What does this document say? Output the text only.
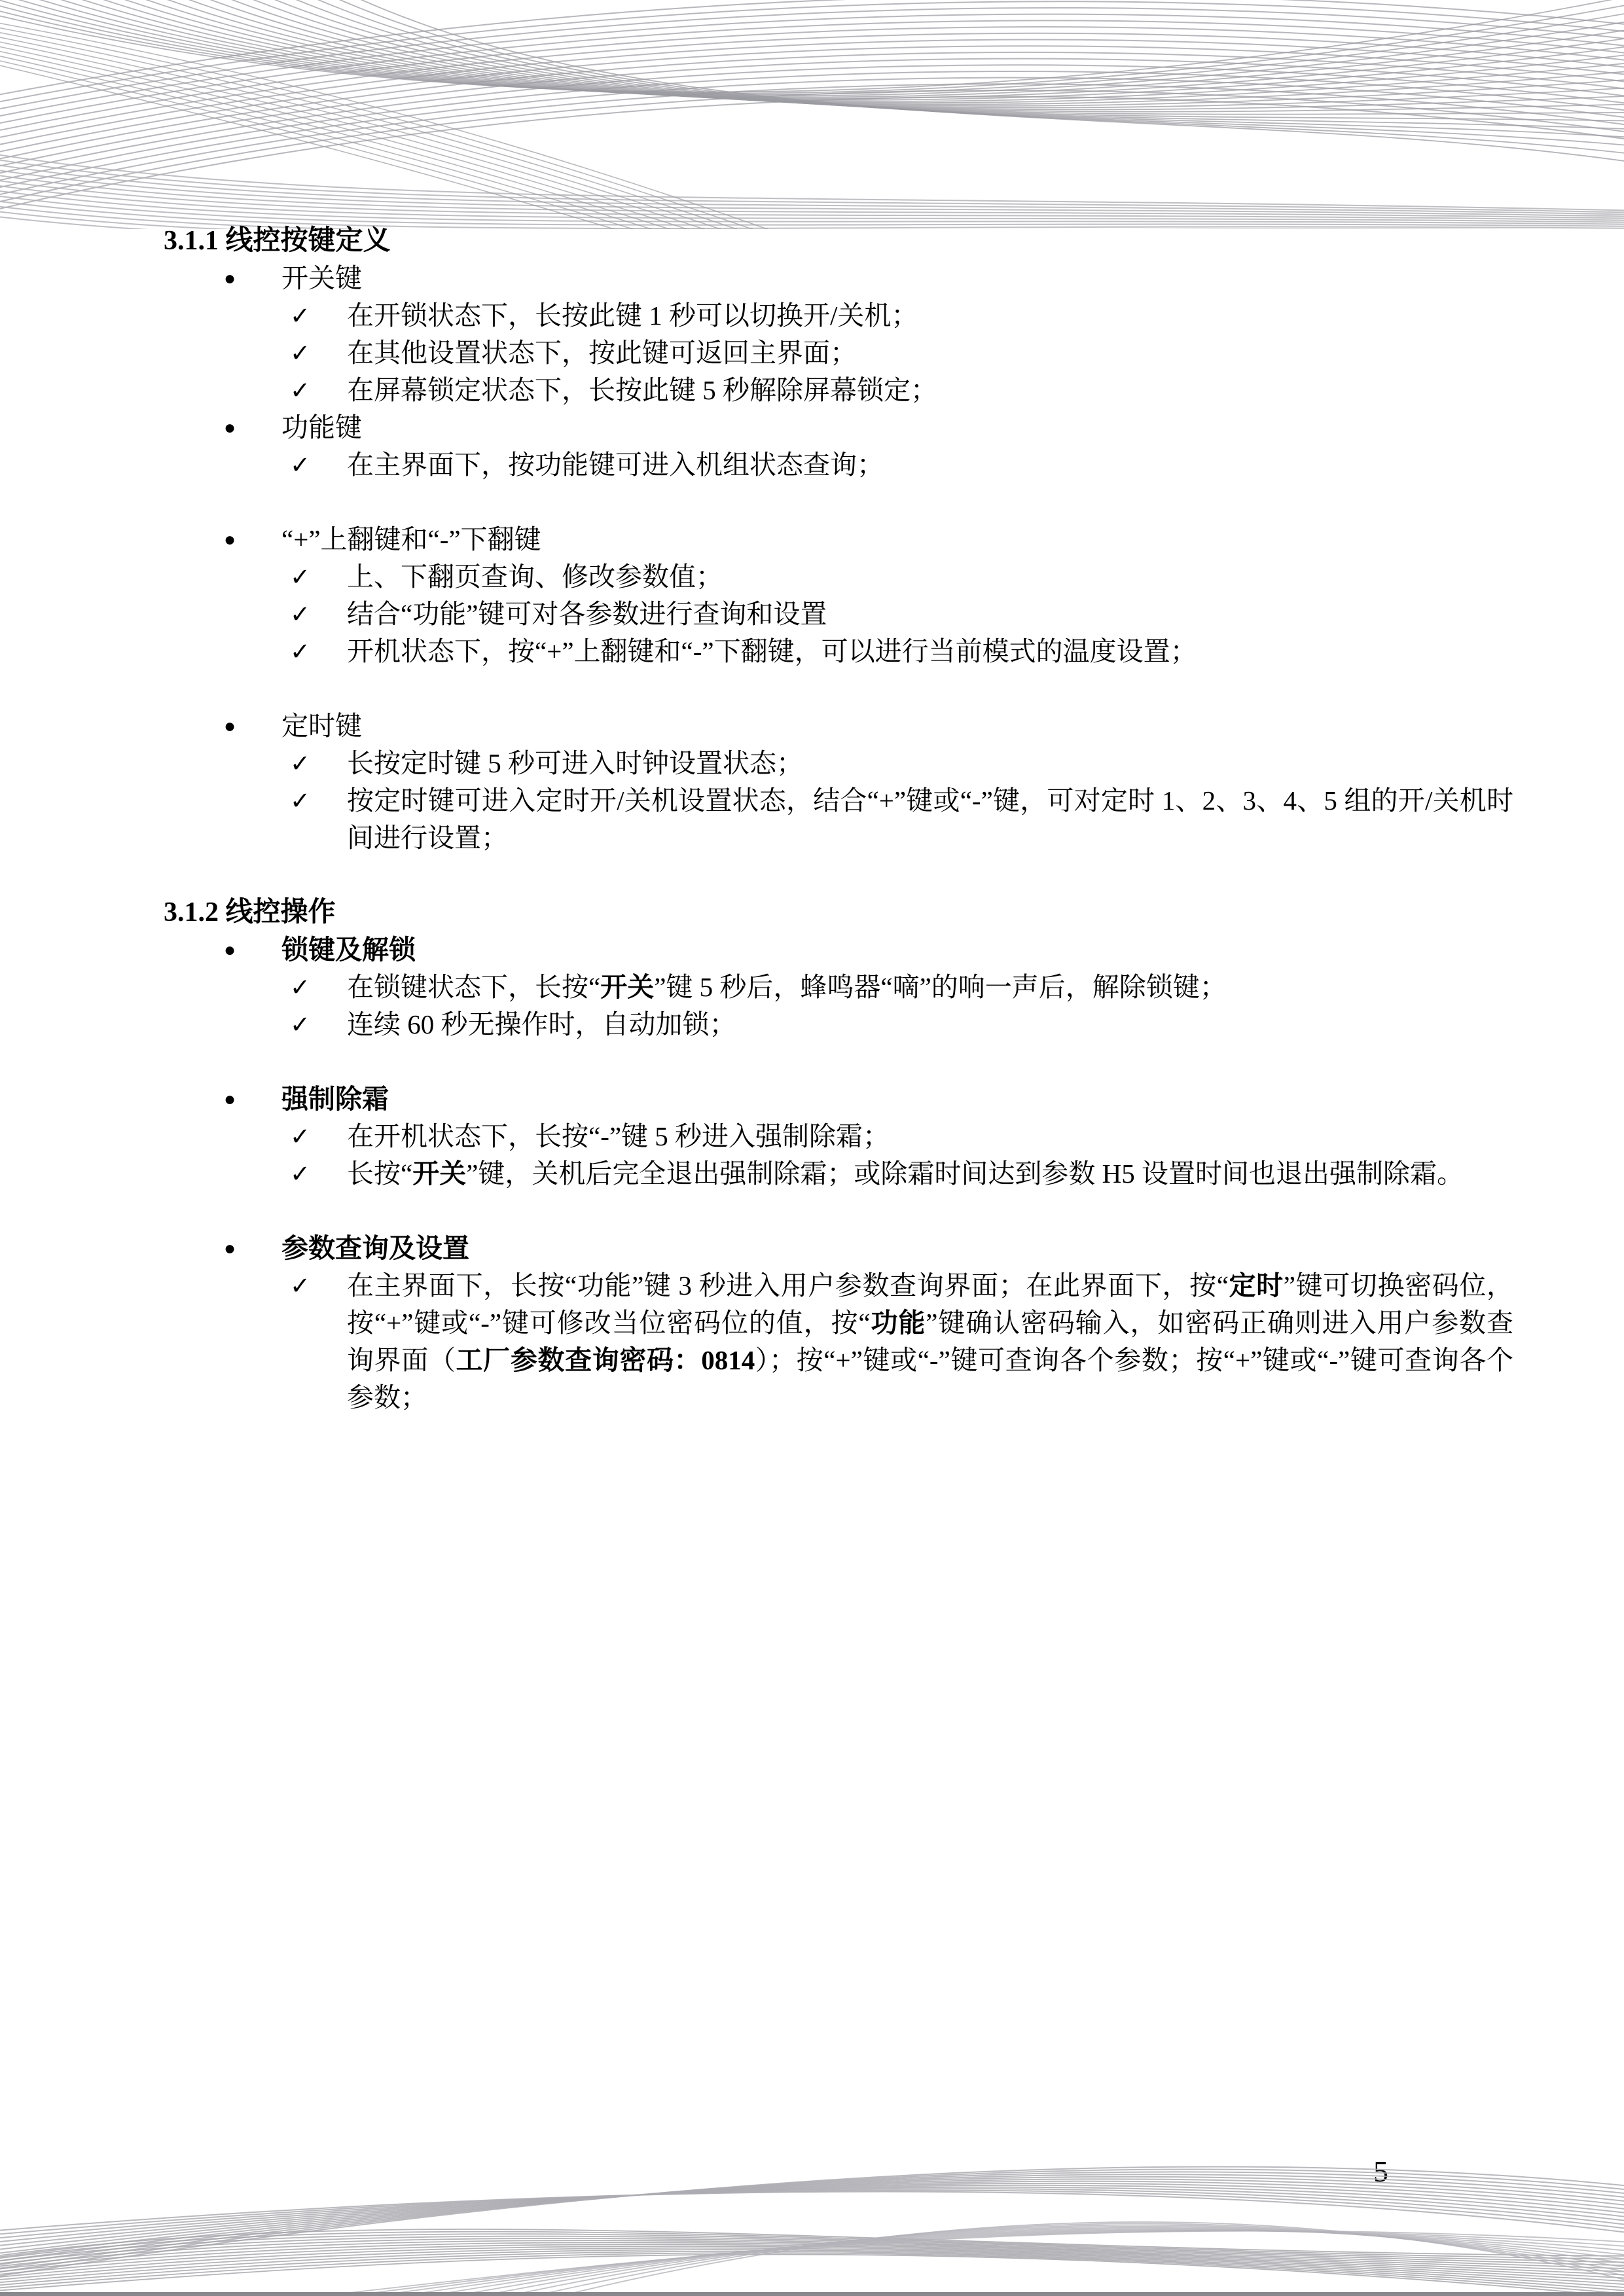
3.1.1 线控按键定义
●	开关键
✓	在开锁状态下，长按此键 1 秒可以切换开/关机；
✓	在其他设置状态下，按此键可返回主界面；
✓	在屏幕锁定状态下，长按此键 5 秒解除屏幕锁定；
●	功能键
✓	在主界面下，按功能键可进入机组状态查询；
●	“+”上翻键和“-”下翻键
✓	上、下翻页查询、修改参数值；
✓	结合“功能”键可对各参数进行查询和设置
✓	开机状态下，按“+”上翻键和“-”下翻键，可以进行当前模式的温度设置；
●	定时键
✓	长按定时键 5 秒可进入时钟设置状态；
✓	按定时键可进入定时开/关机设置状态，结合“+”键或“-”键，可对定时 1、2、3、4、5 组的开/关机时间进行设置；
3.1.2 线控操作
●	锁键及解锁
✓	在锁键状态下，长按“开关”键 5 秒后，蜂鸣器“嘀”的响一声后，解除锁键；
✓	连续 60 秒无操作时，自动加锁；
●	强制除霜
✓	在开机状态下，长按“-”键 5 秒进入强制除霜；
✓	长按“开关”键，关机后完全退出强制除霜；或除霜时间达到参数 H5 设置时间也退出强制除霜。
●	参数查询及设置
✓	在主界面下，长按“功能”键 3 秒进入用户参数查询界面；在此界面下，按“定时”键可切换密码位，按“+”键或“-”键可修改当位密码位的值，按“功能”键确认密码输入，如密码正确则进入用户参数查询界面（工厂参数查询密码：0814）；按“+”键或“-”键可查询各个参数；按“+”键或“-”键可查询各个参数；
5
